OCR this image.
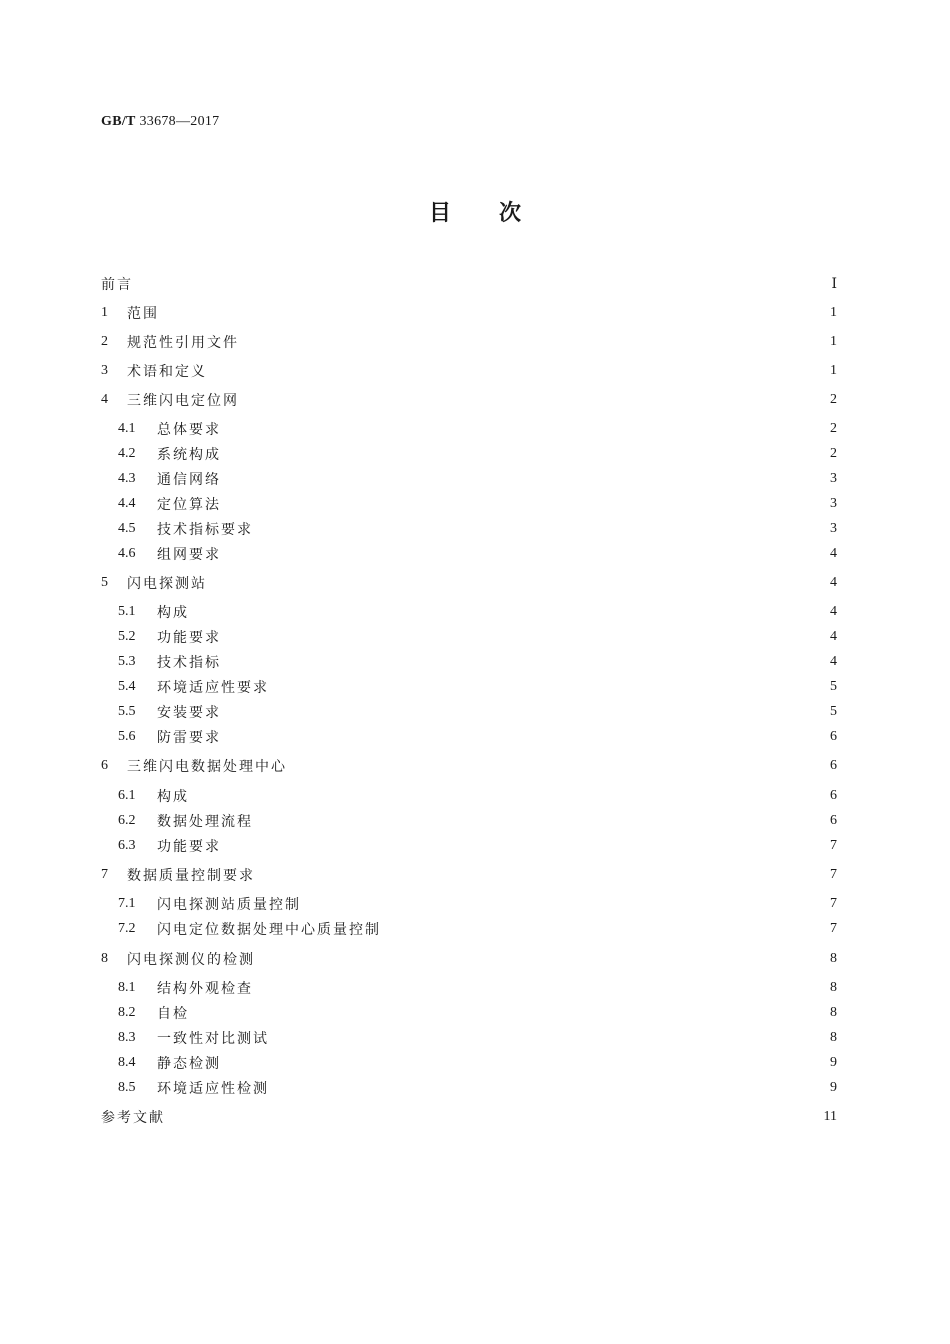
GB/T 33678—2017
目次
前言	Ⅰ
1	范围	1
2	规范性引用文件	1
3	术语和定义	1
4	三维闪电定位网	2
4.1	总体要求	2
4.2	系统构成	2
4.3	通信网络	3
4.4	定位算法	3
4.5	技术指标要求	3
4.6	组网要求	4
5	闪电探测站	4
5.1	构成	4
5.2	功能要求	4
5.3	技术指标	4
5.4	环境适应性要求	5
5.5	安装要求	5
5.6	防雷要求	6
6	三维闪电数据处理中心	6
6.1	构成	6
6.2	数据处理流程	6
6.3	功能要求	7
7	数据质量控制要求	7
7.1	闪电探测站质量控制	7
7.2	闪电定位数据处理中心质量控制	7
8	闪电探测仪的检测	8
8.1	结构外观检查	8
8.2	自检	8
8.3	一致性对比测试	8
8.4	静态检测	9
8.5	环境适应性检测	9
参考文献	11
